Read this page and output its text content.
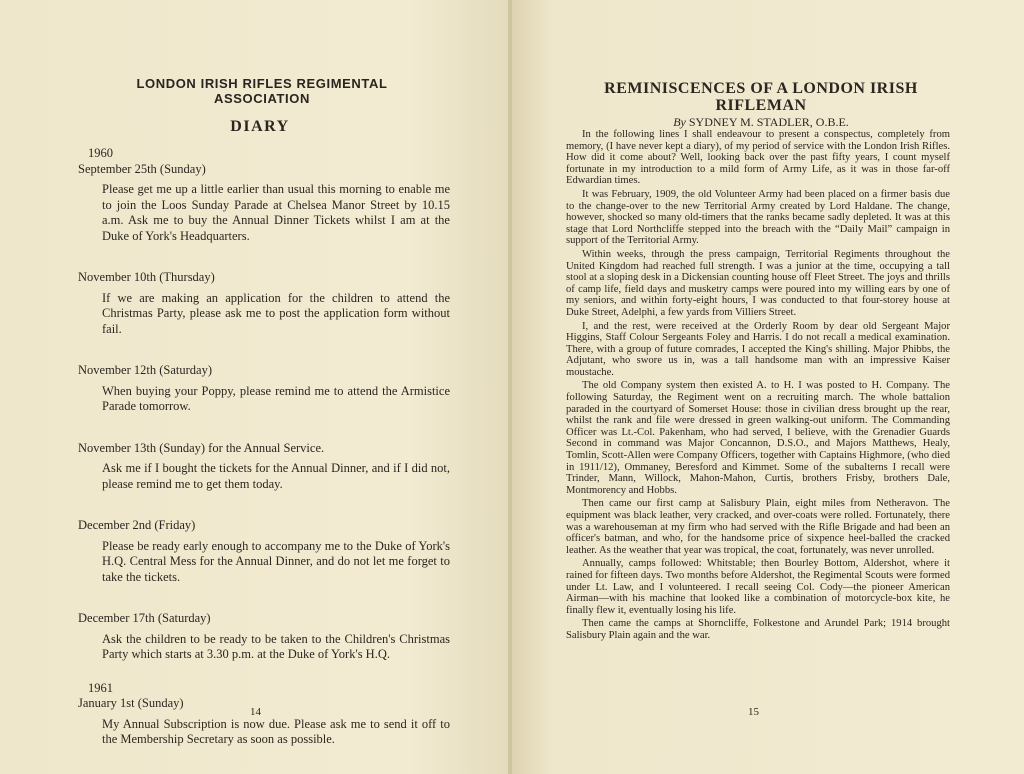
LONDON IRISH RIFLES REGIMENTAL ASSOCIATION
DIARY
1960
September 25th (Sunday)
Please get me up a little earlier than usual this morning to enable me to join the Loos Sunday Parade at Chelsea Manor Street by 10.15 a.m. Ask me to buy the Annual Dinner Tickets whilst I am at the Duke of York's Headquarters.
November 10th (Thursday)
If we are making an application for the children to attend the Christmas Party, please ask me to post the application form without fail.
November 12th (Saturday)
When buying your Poppy, please remind me to attend the Armistice Parade tomorrow.
November 13th (Sunday) for the Annual Service.
Ask me if I bought the tickets for the Annual Dinner, and if I did not, please remind me to get them today.
December 2nd (Friday)
Please be ready early enough to accompany me to the Duke of York's H.Q. Central Mess for the Annual Dinner, and do not let me forget to take the tickets.
December 17th (Saturday)
Ask the children to be ready to be taken to the Children's Christmas Party which starts at 3.30 p.m. at the Duke of York's H.Q.
1961
January 1st (Sunday)
My Annual Subscription is now due. Please ask me to send it off to the Membership Secretary as soon as possible.
14
REMINISCENCES OF A LONDON IRISH
RIFLEMAN
By SYDNEY M. STADLER, O.B.E.

In the following lines I shall endeavour to present a conspectus, completely from memory, (I have never kept a diary), of my period of service with the London Irish Rifles. How did it come about? Well, looking back over the past fifty years, I count myself fortunate in my introduction to a mild form of Army Life, as it was in those far-off Edwardian times.

It was February, 1909, the old Volunteer Army had been placed on a firmer basis due to the change-over to the new Territorial Army created by Lord Haldane. The change, however, shocked so many old-timers that the ranks became sadly depleted. It was at this stage that Lord Northcliffe stepped into the breach with the “Daily Mail” campaign in support of the Territorial Army.

Within weeks, through the press campaign, Territorial Regiments throughout the United Kingdom had reached full strength. I was a junior at the time, occupying a tall stool at a sloping desk in a Dickensian counting house off Fleet Street. The joys and thrills of camp life, field days and musketry camps were poured into my willing ears by one of my seniors, and within forty-eight hours, I was conducted to that four-storey house at Duke Street, Adelphi, a few yards from Villiers Street.

I, and the rest, were received at the Orderly Room by dear old Sergeant Major Higgins, Staff Colour Sergeants Foley and Harris. I do not recall a medical examination. There, with a group of future comrades, I accepted the King's shilling. Major Phibbs, the Adjutant, who swore us in, was a tall handsome man with an impressive Kaiser moustache.

The old Company system then existed A. to H. I was posted to H. Company. The following Saturday, the Regiment went on a recruiting march. The whole battalion paraded in the courtyard of Somerset House: those in civilian dress brought up the rear, whilst the rank and file were dressed in green walking-out uniform. The Commanding Officer was Lt.-Col. Pakenham, who had served, I believe, with the Grenadier Guards Second in command was Major Concannon, D.S.O., and Majors Matthews, Healy, Tomlin, Scott-Allen were Company Officers, together with Captains Highmore, (who died in 1911/12), Ommaney, Beresford and Kimmet. Some of the subalterns I recall were Trinder, Mann, Willock, Mahon-Mahon, Curtis, brothers Frisby, brothers Dale, Montmorency and Hobbs.

Then came our first camp at Salisbury Plain, eight miles from Netheravon. The equipment was black leather, very cracked, and over-coats were rolled. Fortunately, there was a warehouseman at my firm who had served with the Rifle Brigade and had been an officer's batman, and who, for the handsome price of sixpence heel-balled the cracked leather. As the weather that year was tropical, the coat, fortunately, was never unrolled.

Annually, camps followed: Whitstable; then Bourley Bottom, Aldershot, where it rained for fifteen days. Two months before Aldershot, the Regimental Scouts were formed under Lt. Law, and I volunteered. I recall seeing Col. Cody—the pioneer American Airman—with his machine that looked like a combination of motorcycle-box kite, he finally flew it, eventually losing his life.

Then came the camps at Shorncliffe, Folkestone and Arundel Park; 1914 brought Salisbury Plain again and the war.

15
